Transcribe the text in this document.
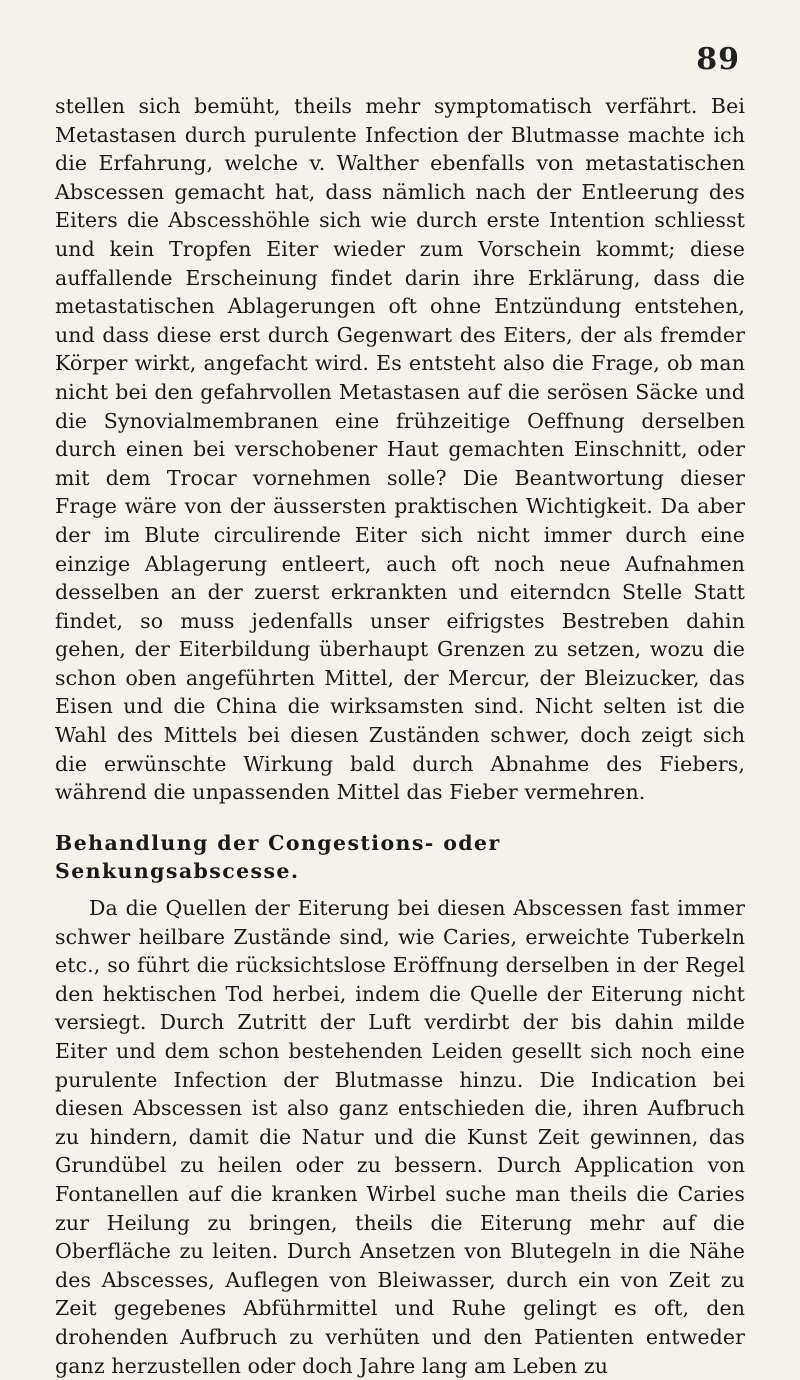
89

stellen sich bemüht, theils mehr symptomatisch verfährt. Bei Metastasen durch purulente Infection der Blutmasse machte ich die Erfahrung, welche v. Walther ebenfalls von metastatischen Abscessen gemacht hat, dass nämlich nach der Entleerung des Eiters die Abscesshöhle sich wie durch erste Intention schliesst und kein Tropfen Eiter wieder zum Vorschein kommt; diese auffallende Erscheinung findet darin ihre Erklärung, dass die metastatischen Ablagerungen oft ohne Entzündung entstehen, und dass diese erst durch Gegenwart des Eiters, der als fremder Körper wirkt, angefacht wird. Es entsteht also die Frage, ob man nicht bei den gefahrvollen Metastasen auf die serösen Säcke und die Synovialmembranen eine frühzeitige Oeffnung derselben durch einen bei verschobener Haut gemachten Einschnitt, oder mit dem Trocar vornehmen solle? Die Beantwortung dieser Frage wäre von der äussersten praktischen Wichtigkeit. Da aber der im Blute circulirende Eiter sich nicht immer durch eine einzige Ablagerung entleert, auch oft noch neue Aufnahmen desselben an der zuerst erkrankten und eiterndcn Stelle Statt findet, so muss jedenfalls unser eifrigstes Bestreben dahin gehen, der Eiterbildung überhaupt Grenzen zu setzen, wozu die schon oben angeführten Mittel, der Mercur, der Bleizucker, das Eisen und die China die wirksamsten sind. Nicht selten ist die Wahl des Mittels bei diesen Zuständen schwer, doch zeigt sich die erwünschte Wirkung bald durch Abnahme des Fiebers, während die unpassenden Mittel das Fieber vermehren.

Behandlung der Congestions- oder Senkungsabscesse.

Da die Quellen der Eiterung bei diesen Abscessen fast immer schwer heilbare Zustände sind, wie Caries, erweichte Tuberkeln etc., so führt die rücksichtslose Eröffnung derselben in der Regel den hektischen Tod herbei, indem die Quelle der Eiterung nicht versiegt. Durch Zutritt der Luft verdirbt der bis dahin milde Eiter und dem schon bestehenden Leiden gesellt sich noch eine purulente Infection der Blutmasse hinzu. Die Indication bei diesen Abscessen ist also ganz entschieden die, ihren Aufbruch zu hindern, damit die Natur und die Kunst Zeit gewinnen, das Grundübel zu heilen oder zu bessern. Durch Application von Fontanellen auf die kranken Wirbel suche man theils die Caries zur Heilung zu bringen, theils die Eiterung mehr auf die Oberfläche zu leiten. Durch Ansetzen von Blutegeln in die Nähe des Abscesses, Auflegen von Bleiwasser, durch ein von Zeit zu Zeit gegebenes Abführmittel und Ruhe gelingt es oft, den drohenden Aufbruch zu verhüten und den Patienten entweder ganz herzustellen oder doch Jahre lang am Leben zu
